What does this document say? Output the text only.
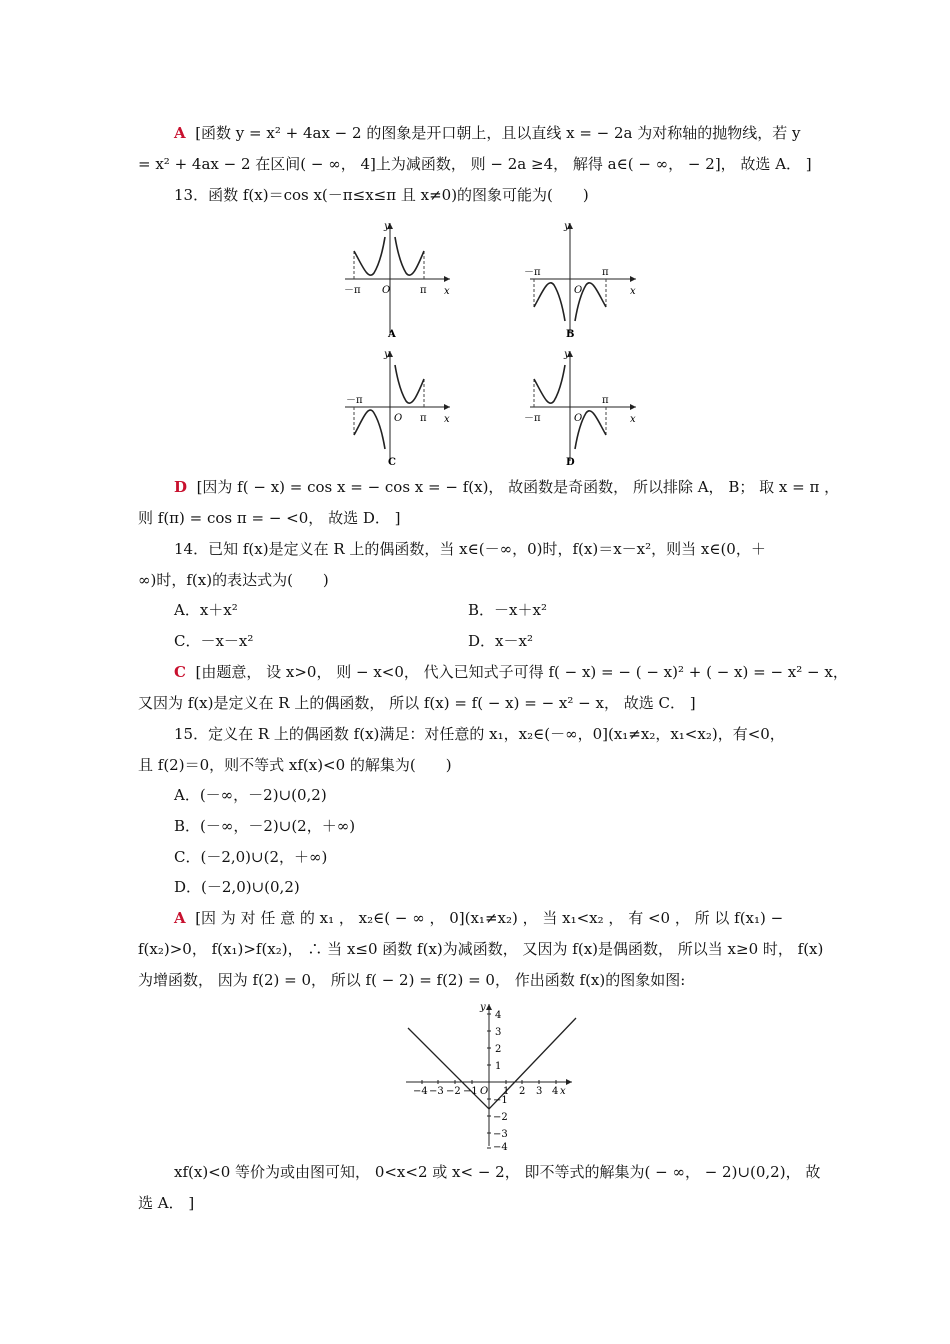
A [函数 y = x² + 4ax − 2 的图象是开口朝上，且以直线 x = − 2a 为对称轴的抛物线，若 y
= x² + 4ax − 2 在区间( − ∞， 4]上为减函数， 则 − 2a ≥4， 解得 a∈( − ∞， − 2]， 故选 A． ]
13．函数 f(x)＝cos x(－π≤x≤π 且 x≠0)的图象可能为(　　)
y
x
O
－π	π
A
y
x
O
－π	π
B
y
x
O
－π
π
C
y
x
O
－π
π
D
D [因为 f( − x) = cos x = − cos x = − f(x)， 故函数是奇函数， 所以排除 A， B； 取 x = π ，
则 f(π) = cos π = − <0， 故选 D． ]
14．已知 f(x)是定义在 R 上的偶函数，当 x∈(－∞，0)时，f(x)＝x－x²，则当 x∈(0，＋
∞)时，f(x)的表达式为(　　)
A．x＋x²	B．－x＋x²
C．－x－x²	D．x－x²
C [由题意， 设 x>0， 则 − x<0， 代入已知式子可得 f( − x) = − ( − x)² + ( − x) = − x² − x，
又因为 f(x)是定义在 R 上的偶函数， 所以 f(x) = f( − x) = − x² − x， 故选 C． ]
15．定义在 R 上的偶函数 f(x)满足：对任意的 x₁，x₂∈(－∞，0](x₁≠x₂，x₁<x₂)，有<0，
且 f(2)＝0，则不等式 xf(x)<0 的解集为(　　)
A．(－∞，－2)∪(0,2)
B．(－∞，－2)∪(2，＋∞)
C．(－2,0)∪(2，＋∞)
D．(－2,0)∪(0,2)
A [因 为 对 任 意 的 x₁ ， x₂∈( − ∞ ， 0](x₁≠x₂) ， 当 x₁<x₂ ， 有 <0 ， 所 以 f(x₁) −
f(x₂)>0， f(x₁)>f(x₂)， ∴ 当 x≤0 函数 f(x)为减函数， 又因为 f(x)是偶函数， 所以当 x≥0 时， f(x)
为增函数， 因为 f(2) = 0， 所以 f( − 2) = f(2) = 0， 作出函数 f(x)的图象如图:
y
x
O
−4 −3 −2 −1	1 2 3 4
4
3
2
1
−1
−2
−3
−4
xf(x)<0 等价为或由图可知， 0<x<2 或 x< − 2， 即不等式的解集为( − ∞， − 2)∪(0,2)， 故
选 A． ]
